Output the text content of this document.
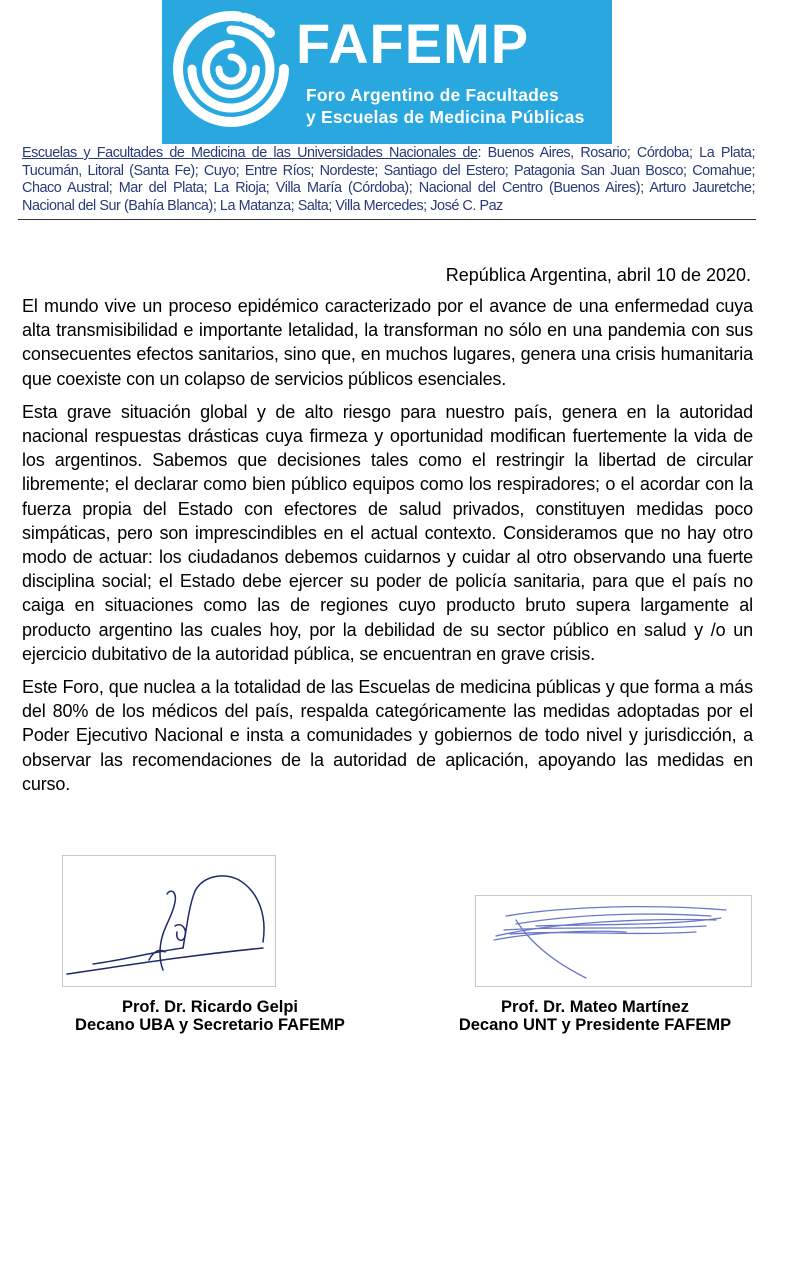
FAFEMP
Foro Argentino de Facultades
y Escuelas de Medicina Públicas
Escuelas y Facultades de Medicina de las Universidades Nacionales de: Buenos Aires, Rosario; Córdoba; La Plata; Tucumán, Litoral (Santa Fe); Cuyo; Entre Ríos; Nordeste; Santiago del Estero; Patagonia San Juan Bosco; Comahue; Chaco Austral; Mar del Plata; La Rioja; Villa María (Córdoba); Nacional del Centro (Buenos Aires); Arturo Jauretche; Nacional del Sur (Bahía Blanca); La Matanza; Salta; Villa Mercedes; José C. Paz
República Argentina, abril 10 de 2020.

El mundo vive un proceso epidémico caracterizado por el avance de una enfermedad cuya alta transmisibilidad e importante letalidad, la transforman no sólo en una pandemia con sus consecuentes efectos sanitarios, sino que, en muchos lugares, genera una crisis humanitaria que coexiste con un colapso de servicios públicos esenciales.

Esta grave situación global y de alto riesgo para nuestro país, genera en la autoridad nacional respuestas drásticas cuya firmeza y oportunidad modifican fuertemente la vida de los argentinos. Sabemos que decisiones tales como el restringir la libertad de circular libremente; el declarar como bien público equipos como los respiradores; o el acordar con la fuerza propia del Estado con efectores de salud privados, constituyen medidas poco simpáticas, pero son imprescindibles en el actual contexto. Consideramos que no hay otro modo de actuar: los ciudadanos debemos cuidarnos y cuidar al otro observando una fuerte disciplina social; el Estado debe ejercer su poder de policía sanitaria, para que el país no caiga en situaciones como las de regiones cuyo producto bruto supera largamente al producto argentino las cuales hoy, por la debilidad de su sector público en salud y /o un ejercicio dubitativo de la autoridad pública, se encuentran en grave crisis.

Este Foro, que nuclea a la totalidad de las Escuelas de medicina públicas y que forma a más del 80% de los médicos del país, respalda categóricamente las medidas adoptadas por el Poder Ejecutivo Nacional e insta a comunidades y gobiernos de todo nivel y jurisdicción, a observar las recomendaciones de la autoridad de aplicación, apoyando las medidas en curso.

Prof. Dr. Ricardo Gelpi
Decano UBA y Secretario FAFEMP
Prof. Dr. Mateo Martínez
Decano UNT y Presidente FAFEMP
